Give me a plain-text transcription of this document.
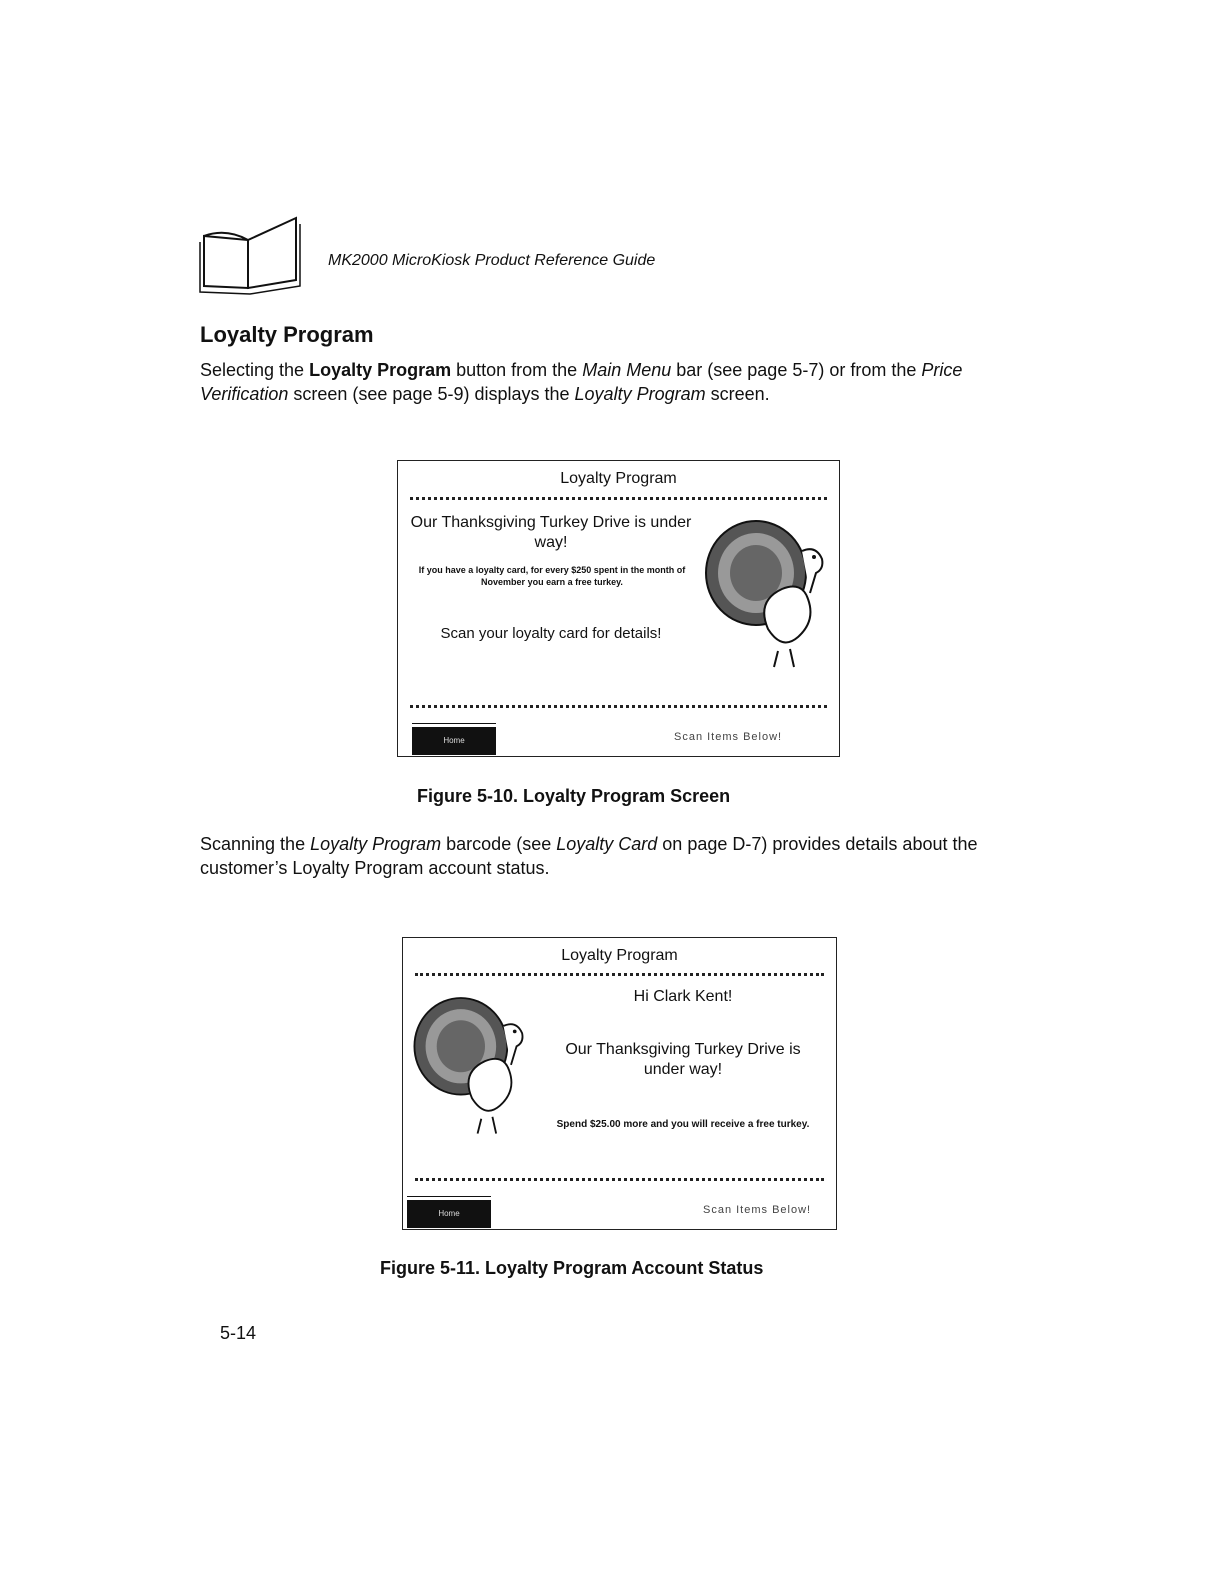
MK2000 MicroKiosk Product Reference Guide
Loyalty Program
Selecting the Loyalty Program button from the Main Menu bar (see page 5-7) or from the Price Verification screen (see page 5-9) displays the Loyalty Program screen.
Loyalty Program
Our Thanksgiving Turkey Drive is under way!
If you have a loyalty card, for every $250 spent in the month of November you earn a free turkey.
Scan your loyalty card for details!
Home	Scan Items Below!
Figure 5-10. Loyalty Program Screen
Scanning the Loyalty Program barcode (see Loyalty Card on page D-7) provides details about the customer’s Loyalty Program account status.
Loyalty Program
Hi Clark Kent!
Our Thanksgiving Turkey Drive is under way!
Spend $25.00 more and you will receive a free turkey.
Home	Scan Items Below!
Figure 5-11. Loyalty Program Account Status
5-14
